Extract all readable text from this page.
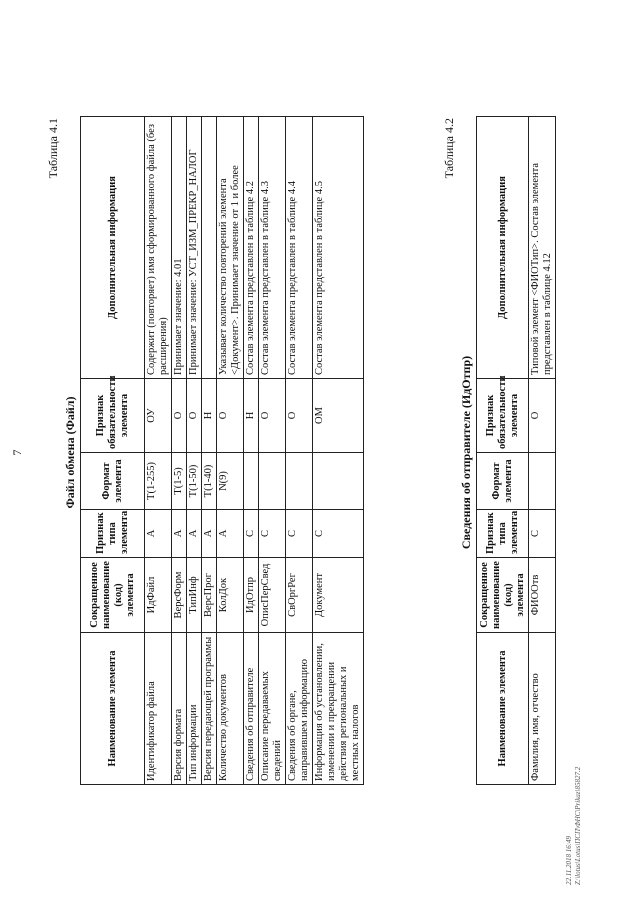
7
Таблица 4.1
Файл обмена (Файл)
Наименование элемента	Сокращенное наименование (код) элемента	Признак типа элемента	Формат элемента	Признак обязательности элемента	Дополнительная информация
Идентификатор файла	ИдФайл	А	Т(1-255)	ОУ	Содержит (повторяет) имя сформированного файла (без расширения)
Версия формата	ВерсФорм	А	Т(1-5)	О	Принимает значение: 4.01
Тип информации	ТипИнф	А	Т(1-50)	О	Принимает значение: УСТ_ИЗМ_ПРЕКР_НАЛОГ
Версия передающей программы	ВерсПрог	А	Т(1-40)	Н	
Количество документов	КолДок	А	N(9)	О	Указывает количество повторений элемента <Документ>. Принимает значение от 1 и более
Сведения об отправителе	ИдОтпр	С		Н	Состав элемента представлен в таблице 4.2
Описание передаваемых сведений	ОписПерСвед	С		О	Состав элемента представлен в таблице 4.3
Сведения об органе, направившем информацию	СвОргРег	С		О	Состав элемента представлен в таблице 4.4
Информация об установлении, изменении и прекращении действия региональных и местных налогов	Документ	С		ОМ	Состав элемента представлен в таблице 4.5
Таблица 4.2
Сведения об отправителе (ИдОтпр)
Наименование элемента	Сокращенное наименование (код) элемента	Признак типа элемента	Формат элемента	Признак обязательности элемента	Дополнительная информация
Фамилия, имя, отчество	ФИООтв	С		О	Типовой элемент <ФИОТип>. Состав элемента представлен в таблице 4.12
22.11.2018 16:49 Z:\lotus\Lotus\ПСП\ФНС\Prikaz\85827.2
